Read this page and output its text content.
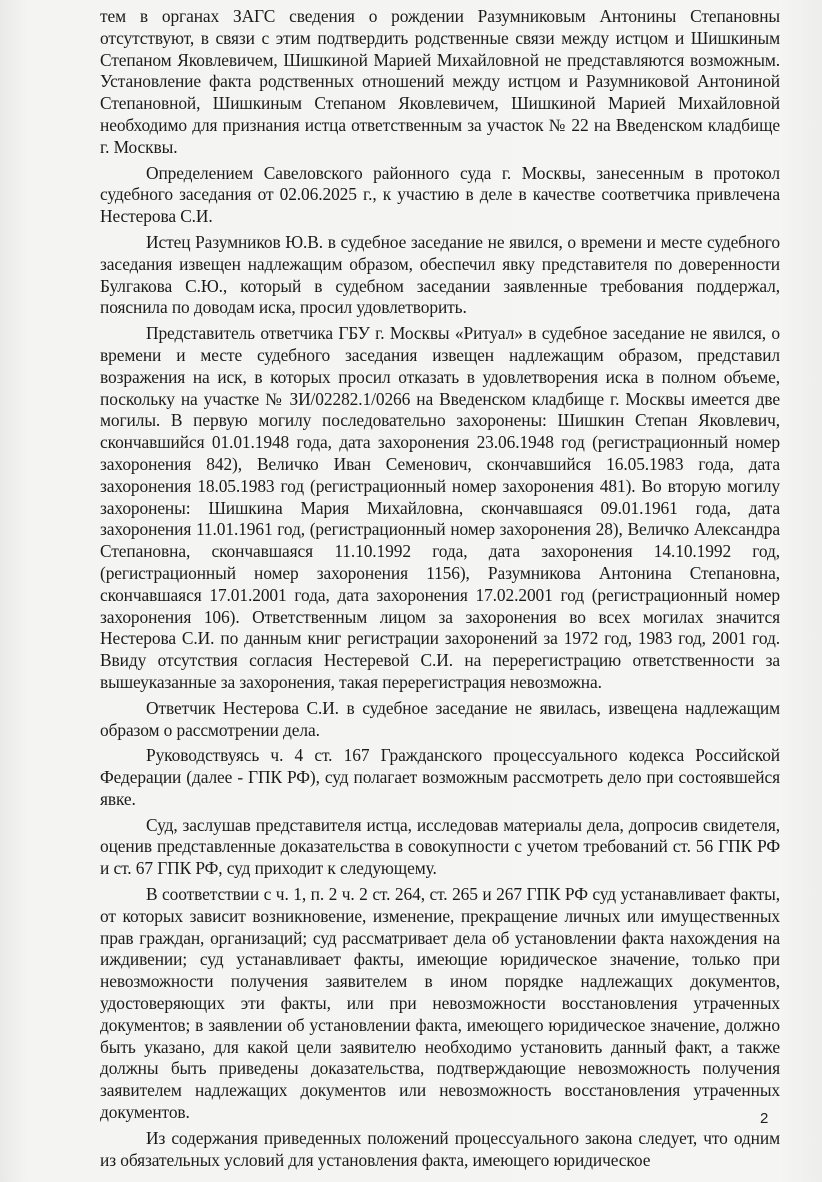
тем в органах ЗАГС сведения о рождении Разумниковым Антонины Степановны отсутствуют, в связи с этим подтвердить родственные связи между истцом и Шишкиным Степаном Яковлевичем, Шишкиной Марией Михайловной не представляются возможным. Установление факта родственных отношений между истцом и Разумниковой Антониной Степановной, Шишкиным Степаном Яковлевичем, Шишкиной Марией Михайловной необходимо для признания истца ответственным за участок № 22 на Введенском кладбище г. Москвы.

Определением Савеловского районного суда г. Москвы, занесенным в протокол судебного заседания от 02.06.2025 г., к участию в деле в качестве соответчика привлечена Нестерова С.И.

Истец Разумников Ю.В. в судебное заседание не явился, о времени и месте судебного заседания извещен надлежащим образом, обеспечил явку представителя по доверенности Булгакова С.Ю., который в судебном заседании заявленные требования поддержал, пояснила по доводам иска, просил удовлетворить.

Представитель ответчика ГБУ г. Москвы «Ритуал» в судебное заседание не явился, о времени и месте судебного заседания извещен надлежащим образом, представил возражения на иск, в которых просил отказать в удовлетворения иска в полном объеме, поскольку на участке № ЗИ/02282.1/0266 на Введенском кладбище г. Москвы имеется две могилы. В первую могилу последовательно захоронены: Шишкин Степан Яковлевич, скончавшийся 01.01.1948 года, дата захоронения 23.06.1948 год (регистрационный номер захоронения 842), Величко Иван Семенович, скончавшийся 16.05.1983 года, дата захоронения 18.05.1983 год (регистрационный номер захоронения 481). Во вторую могилу захоронены: Шишкина Мария Михайловна, скончавшаяся 09.01.1961 года, дата захоронения 11.01.1961 год, (регистрационный номер захоронения 28), Величко Александра Степановна, скончавшаяся 11.10.1992 года, дата захоронения 14.10.1992 год, (регистрационный номер захоронения 1156), Разумникова Антонина Степановна, скончавшаяся 17.01.2001 года, дата захоронения 17.02.2001 год (регистрационный номер захоронения 106). Ответственным лицом за захоронения во всех могилах значится Нестерова С.И. по данным книг регистрации захоронений за 1972 год, 1983 год, 2001 год. Ввиду отсутствия согласия Нестеревой С.И. на перерегистрацию ответственности за вышеуказанные за захоронения, такая перерегистрация невозможна.

Ответчик Нестерова С.И. в судебное заседание не явилась, извещена надлежащим образом о рассмотрении дела.

Руководствуясь ч. 4 ст. 167 Гражданского процессуального кодекса Российской Федерации (далее - ГПК РФ), суд полагает возможным рассмотреть дело при состоявшейся явке.

Суд, заслушав представителя истца, исследовав материалы дела, допросив свидетеля, оценив представленные доказательства в совокупности с учетом требований ст. 56 ГПК РФ и ст. 67 ГПК РФ, суд приходит к следующему.

В соответствии с ч. 1, п. 2 ч. 2 ст. 264, ст. 265 и 267 ГПК РФ суд устанавливает факты, от которых зависит возникновение, изменение, прекращение личных или имущественных прав граждан, организаций; суд рассматривает дела об установлении факта нахождения на иждивении; суд устанавливает факты, имеющие юридическое значение, только при невозможности получения заявителем в ином порядке надлежащих документов, удостоверяющих эти факты, или при невозможности восстановления утраченных документов; в заявлении об установлении факта, имеющего юридическое значение, должно быть указано, для какой цели заявителю необходимо установить данный факт, а также должны быть приведены доказательства, подтверждающие невозможность получения заявителем надлежащих документов или невозможность восстановления утраченных документов.

Из содержания приведенных положений процессуального закона следует, что одним из обязательных условий для установления факта, имеющего юридическое

2
